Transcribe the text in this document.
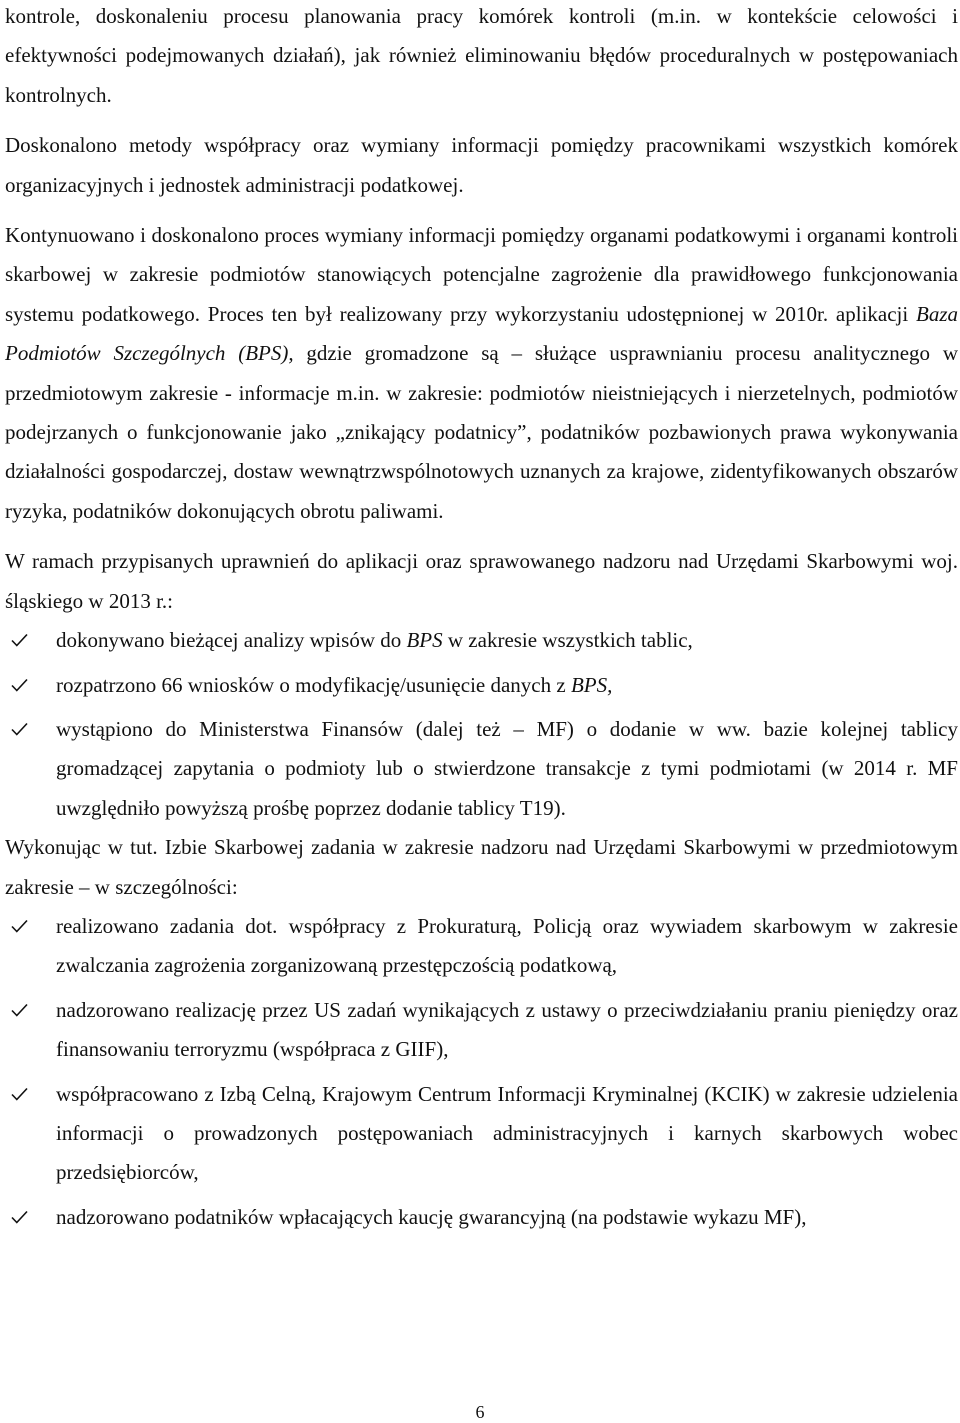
kontrole, doskonaleniu procesu planowania pracy komórek kontroli (m.in. w kontekście celowości i efektywności podejmowanych działań), jak również eliminowaniu błędów proceduralnych w postępowaniach kontrolnych.

Doskonalono metody współpracy oraz wymiany informacji pomiędzy pracownikami wszystkich komórek organizacyjnych i jednostek administracji podatkowej.

Kontynuowano i doskonalono proces wymiany informacji pomiędzy organami podatkowymi i organami kontroli skarbowej w zakresie podmiotów stanowiących potencjalne zagrożenie dla prawidłowego funkcjonowania systemu podatkowego. Proces ten był realizowany przy wykorzystaniu udostępnionej w 2010r. aplikacji Baza Podmiotów Szczególnych (BPS), gdzie gromadzone są – służące usprawnianiu procesu analitycznego w przedmiotowym zakresie - informacje m.in. w zakresie: podmiotów nieistniejących i nierzetelnych, podmiotów podejrzanych o funkcjonowanie jako „znikający podatnicy”, podatników pozbawionych prawa wykonywania działalności gospodarczej, dostaw wewnątrzwspólnotowych uznanych za krajowe, zidentyfikowanych obszarów ryzyka, podatników dokonujących obrotu paliwami.

W ramach przypisanych uprawnień do aplikacji oraz sprawowanego nadzoru nad Urzędami Skarbowymi woj. śląskiego w 2013 r.:

dokonywano bieżącej analizy wpisów do BPS w zakresie wszystkich tablic,
rozpatrzono 66 wniosków o modyfikację/usunięcie danych z BPS,
wystąpiono do Ministerstwa Finansów (dalej też – MF) o dodanie w ww. bazie kolejnej tablicy gromadzącej zapytania o podmioty lub o stwierdzone transakcje z tymi podmiotami (w 2014 r. MF uwzględniło powyższą prośbę poprzez dodanie tablicy T19).

Wykonując w tut. Izbie Skarbowej zadania w zakresie nadzoru nad Urzędami Skarbowymi w przedmiotowym zakresie – w szczególności:

realizowano zadania dot. współpracy z Prokuraturą, Policją oraz wywiadem skarbowym w zakresie zwalczania zagrożenia zorganizowaną przestępczością podatkową,
nadzorowano realizację przez US zadań wynikających z ustawy o przeciwdziałaniu praniu pieniędzy oraz finansowaniu terroryzmu (współpraca z GIIF),
współpracowano z Izbą Celną, Krajowym Centrum Informacji Kryminalnej (KCIK) w zakresie udzielenia informacji o prowadzonych postępowaniach administracyjnych i karnych skarbowych wobec przedsiębiorców,
nadzorowano podatników wpłacających kaucję gwarancyjną (na podstawie wykazu MF),
6
